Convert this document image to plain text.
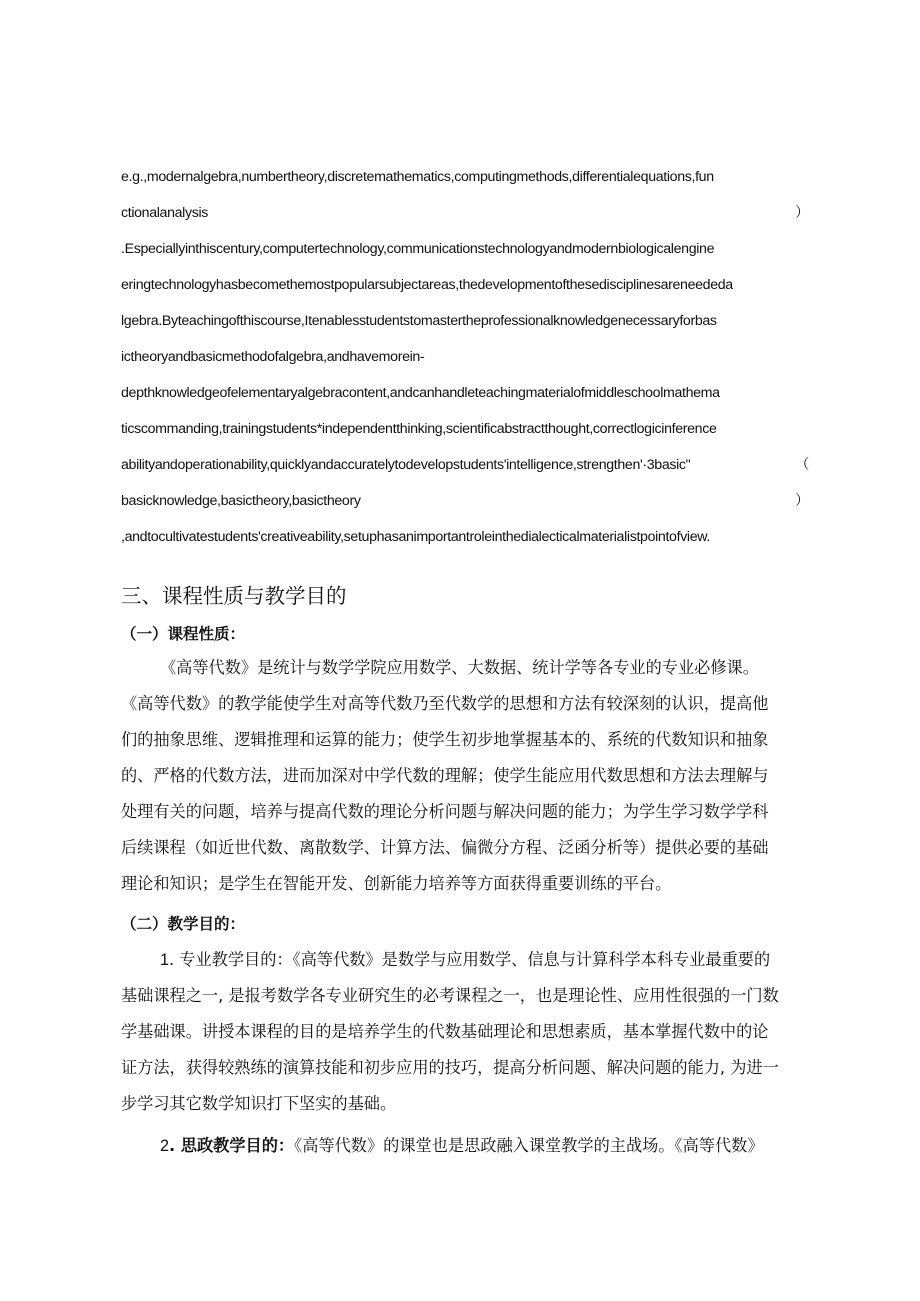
e.g.,modernalgebra,numbertheory,discretemathematics,computingmethods,differentialequations,fun
ctionalanalysis	）
.Especiallyinthiscentury,computertechnology,communicationstechnologyandmodernbiologicalengine
eringtechnologyhasbecomethemostpopularsubjectareas,thedevelopmentofthesedisciplinesareneededa
lgebra.Byteachingofthiscourse,Itenablesstudentstomastertheprofessionalknowledgenecessaryforbas
ictheoryandbasicmethodofalgebra,andhavemorein-
depthknowledgeofelementaryalgebracontent,andcanhandleteachingmaterialofmiddleschoolmathema
ticscommanding,trainingstudents*independentthinking,scientificabstractthought,correctlogicinference
abilityandoperationability,quicklyandaccuratelytodevelopstudents'intelligence,strengthen'·3basic"	（
basicknowledge,basictheory,basictheory	）
,andtocultivatestudents'creativeability,setuphasanimportantroleinthedialecticalmaterialistpointofview.
三、课程性质与教学目的
（一）课程性质：
《高等代数》是统计与数学学院应用数学、大数据、统计学等各专业的专业必修课。
《高等代数》的教学能使学生对高等代数乃至代数学的思想和方法有较深刻的认识，提高他
们的抽象思维、逻辑推理和运算的能力；使学生初步地掌握基本的、系统的代数知识和抽象
的、严格的代数方法，进而加深对中学代数的理解；使学生能应用代数思想和方法去理解与
处理有关的问题，培养与提高代数的理论分析问题与解决问题的能力；为学生学习数学学科
后续课程（如近世代数、离散数学、计算方法、偏微分方程、泛函分析等）提供必要的基础
理论和知识；是学生在智能开发、创新能力培养等方面获得重要训练的平台。
（二）教学目的：
1. 专业教学目的：《高等代数》是数学与应用数学、信息与计算科学本科专业最重要的
基础课程之一, 是报考数学各专业研究生的必考课程之一，也是理论性、应用性很强的一门数
学基础课。讲授本课程的目的是培养学生的代数基础理论和思想素质，基本掌握代数中的论
证方法，获得较熟练的演算技能和初步应用的技巧，提高分析问题、解决问题的能力, 为进一
步学习其它数学知识打下坚实的基础。
2. 思政教学目的：《高等代数》的课堂也是思政融入课堂教学的主战场。《高等代数》
